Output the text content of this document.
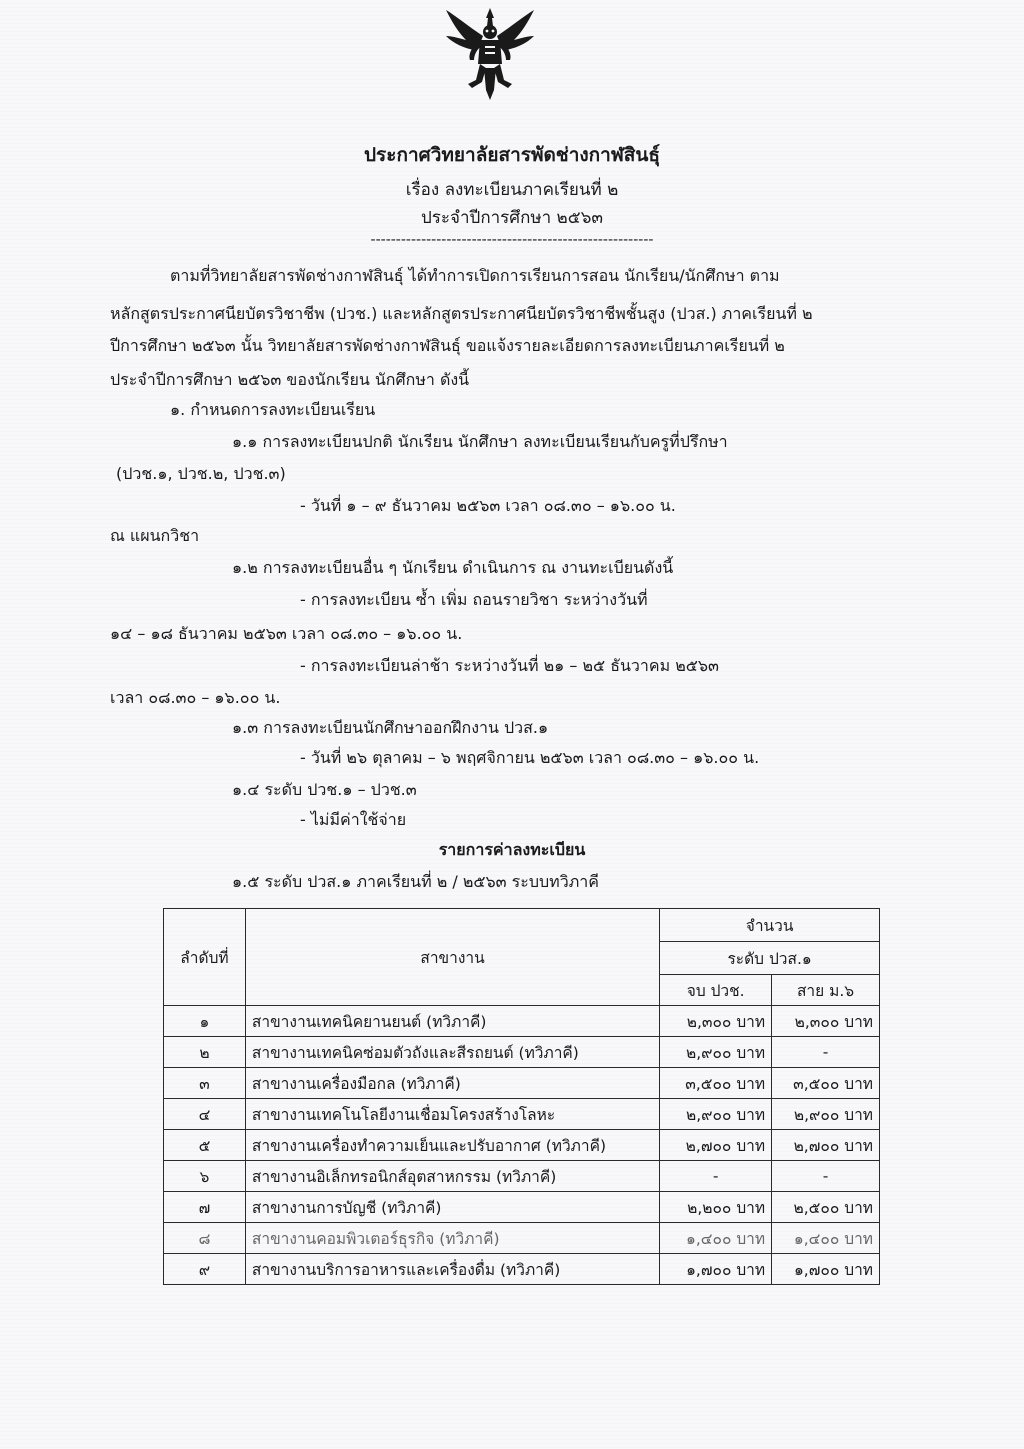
ประกาศวิทยาลัยสารพัดช่างกาฬสินธุ์
เรื่อง ลงทะเบียนภาคเรียนที่ ๒
ประจำปีการศึกษา ๒๕๖๓
--------------------------------------------------------
ตามที่วิทยาลัยสารพัดช่างกาฬสินธุ์ ได้ทำการเปิดการเรียนการสอน นักเรียน/นักศึกษา ตาม
หลักสูตรประกาศนียบัตรวิชาชีพ (ปวช.) และหลักสูตรประกาศนียบัตรวิชาชีพชั้นสูง (ปวส.) ภาคเรียนที่ ๒
ปีการศึกษา ๒๕๖๓ นั้น วิทยาลัยสารพัดช่างกาฬสินธุ์ ขอแจ้งรายละเอียดการลงทะเบียนภาคเรียนที่ ๒
ประจำปีการศึกษา ๒๕๖๓ ของนักเรียน นักศึกษา ดังนี้
๑. กำหนดการลงทะเบียนเรียน
๑.๑ การลงทะเบียนปกติ นักเรียน นักศึกษา ลงทะเบียนเรียนกับครูที่ปรึกษา
(ปวช.๑, ปวช.๒, ปวช.๓)
- วันที่ ๑ – ๙ ธันวาคม ๒๕๖๓ เวลา ๐๘.๓๐ – ๑๖.๐๐ น.
ณ แผนกวิชา
๑.๒ การลงทะเบียนอื่น ๆ นักเรียน ดำเนินการ ณ งานทะเบียนดังนี้
- การลงทะเบียน ซ้ำ เพิ่ม ถอนรายวิชา ระหว่างวันที่
๑๔ – ๑๘ ธันวาคม ๒๕๖๓ เวลา ๐๘.๓๐ – ๑๖.๐๐ น.
- การลงทะเบียนล่าช้า ระหว่างวันที่ ๒๑ – ๒๕ ธันวาคม ๒๕๖๓
เวลา ๐๘.๓๐ – ๑๖.๐๐ น.
๑.๓ การลงทะเบียนนักศึกษาออกฝึกงาน ปวส.๑
- วันที่ ๒๖ ตุลาคม – ๖ พฤศจิกายน ๒๕๖๓ เวลา ๐๘.๓๐ – ๑๖.๐๐ น.
๑.๔ ระดับ ปวช.๑ – ปวช.๓
- ไม่มีค่าใช้จ่าย
รายการค่าลงทะเบียน
๑.๕ ระดับ ปวส.๑ ภาคเรียนที่ ๒ / ๒๕๖๓ ระบบทวิภาคี
ลำดับที่	สาขางาน	จำนวน	
		ระดับ ปวส.๑	
		จบ ปวช.	สาย ม.๖
๑	สาขางานเทคนิคยานยนต์ (ทวิภาคี)	๒,๓๐๐ บาท	๒,๓๐๐ บาท
๒	สาขางานเทคนิคซ่อมตัวถังและสีรถยนต์ (ทวิภาคี)	๒,๙๐๐ บาท	-
๓	สาขางานเครื่องมือกล (ทวิภาคี)	๓,๕๐๐ บาท	๓,๕๐๐ บาท
๔	สาขางานเทคโนโลยีงานเชื่อมโครงสร้างโลหะ	๒,๙๐๐ บาท	๒,๙๐๐ บาท
๕	สาขางานเครื่องทำความเย็นและปรับอากาศ (ทวิภาคี)	๒,๗๐๐ บาท	๒,๗๐๐ บาท
๖	สาขางานอิเล็กทรอนิกส์อุตสาหกรรม (ทวิภาคี)	-	-
๗	สาขางานการบัญชี (ทวิภาคี)	๒,๒๐๐ บาท	๒,๕๐๐ บาท
๘	สาขางานคอมพิวเตอร์ธุรกิจ (ทวิภาคี)	๑,๔๐๐ บาท	๑,๔๐๐ บาท
๙	สาขางานบริการอาหารและเครื่องดื่ม (ทวิภาคี)	๑,๗๐๐ บาท	๑,๗๐๐ บาท
